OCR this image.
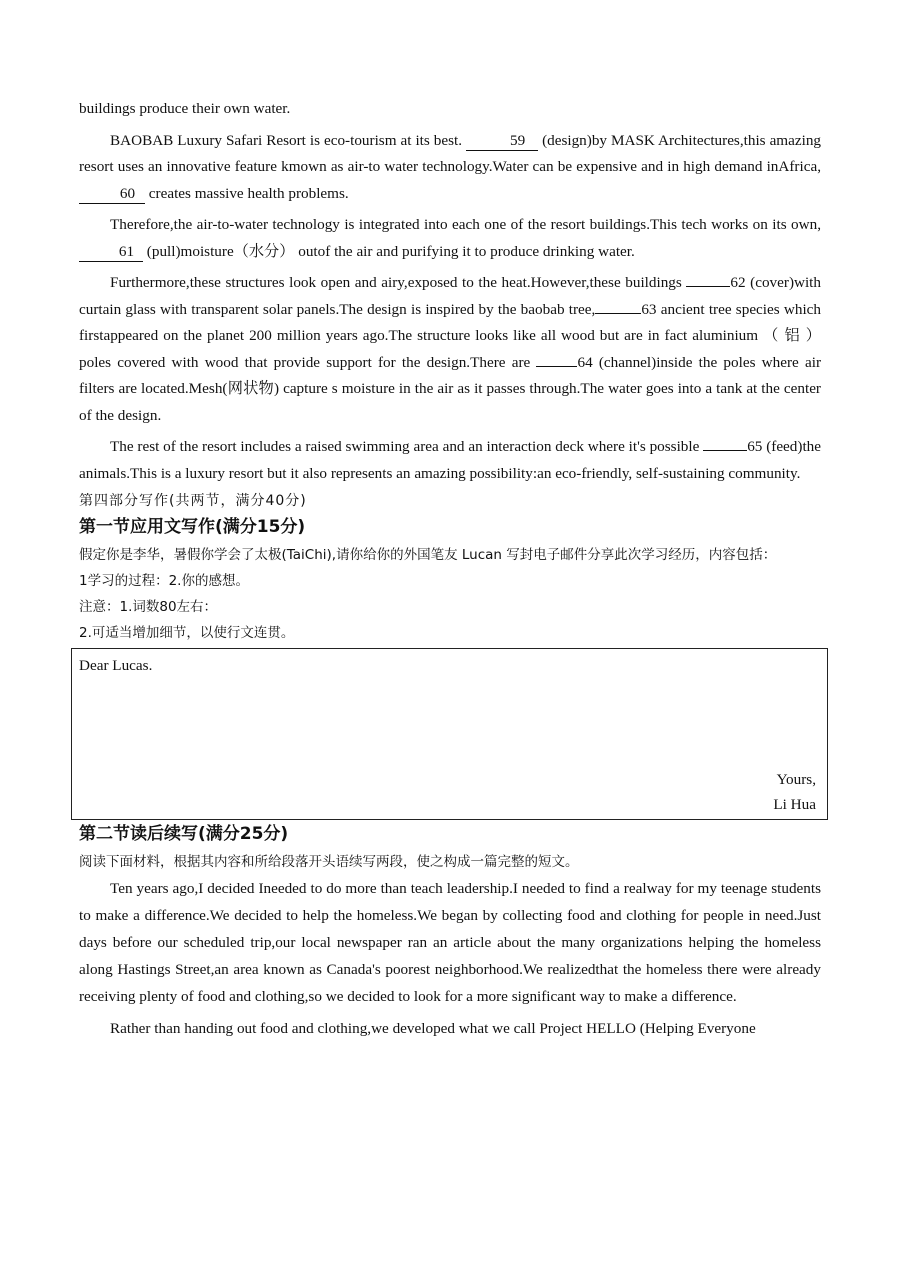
buildings produce their own water.

BAOBAB Luxury Safari Resort is eco-tourism at its best.	59 (design)by MASK Architectures,this amazing resort uses an innovative feature kmown as air-to water technology.Water can be expensive and in high demand inAfrica, 60 creates massive health problems.

Therefore,the air-to-water technology is integrated into each one of the resort buildings.This tech works on its own,61 (pull)moisture（水分） outof the air and purifying it to produce drinking water.

Furthermore,these structures look open and airy,exposed to the heat.However,these buildings	62 (cover)with curtain glass with transparent solar panels.The design is inspired by the baobab tree,	63 ancient tree species which firstappeared on the planet 200 million years ago.The structure looks like all wood but are in fact aluminium （ 铝 ） poles covered with wood that provide support for the design.There are	64 (channel)inside the poles where air filters are located.Mesh(网状物) capture s moisture in the air as it passes through.The water goes into a tank at the center of the design.

The rest of the resort includes a raised swimming area and an interaction deck where it's possible	65 (feed)the animals.This is a luxury resort but it also represents an amazing possibility:an eco-friendly, self-sustaining community.

第四部分写作(共两节，满分40分)
第一节应用文写作(满分15分)

假定你是李华，暑假你学会了太极(TaiChi),请你给你的外国笔友 Lucan 写封电子邮件分享此次学习经历，内容包括：

1学习的过程：2.你的感想。

注意：1.词数80左右：

2.可适当增加细节，以使行文连贯。

Dear Lucas.
Yours,
Li Hua
第二节读后续写(满分25分)

阅读下面材料，根据其内容和所给段落开头语续写两段，使之构成一篇完整的短文。

Ten years ago,I decided Ineeded to do more than teach leadership.I needed to find a realway for my teenage students to make a difference.We decided to help the homeless.We began by collecting food and clothing for people in need.Just days before our scheduled trip,our local newspaper ran an article about the many organizations helping the homeless along Hastings Street,an area known as Canada's poorest neighborhood.We realizedthat the homeless there were already receiving plenty of food and clothing,so we decided to look for a more significant way to make a difference.

Rather than handing out food and clothing,we developed what we call Project HELLO (Helping Everyone
